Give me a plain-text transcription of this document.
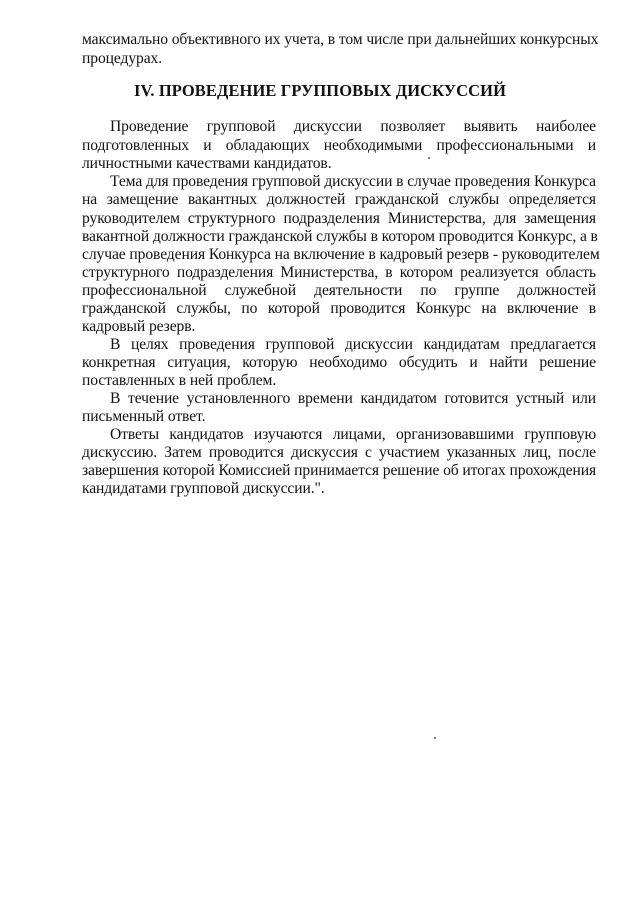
максимально объективного их учета, в том числе при дальнейших конкурсных
процедурах.
IV. ПРОВЕДЕНИЕ ГРУППОВЫХ ДИСКУССИЙ
Проведение групповой дискуссии позволяет выявить наиболее
подготовленных и обладающих необходимыми профессиональными и
личностными качествами кандидатов.
Тема для проведения групповой дискуссии в случае проведения Конкурса
на замещение вакантных должностей гражданской службы определяется
руководителем структурного подразделения Министерства, для замещения
вакантной должности гражданской службы в котором проводится Конкурс, а в
случае проведения Конкурса на включение в кадровый резерв - руководителем
структурного подразделения Министерства, в котором реализуется область
профессиональной служебной деятельности по группе должностей
гражданской службы, по которой проводится Конкурс на включение в
кадровый резерв.
В целях проведения групповой дискуссии кандидатам предлагается
конкретная ситуация, которую необходимо обсудить и найти решение
поставленных в ней проблем.
В течение установленного времени кандидатом готовится устный или
письменный ответ.
Ответы кандидатов изучаются лицами, организовавшими групповую
дискуссию. Затем проводится дискуссия с участием указанных лиц, после
завершения которой Комиссией принимается решение об итогах прохождения
кандидатами групповой дискуссии.".
